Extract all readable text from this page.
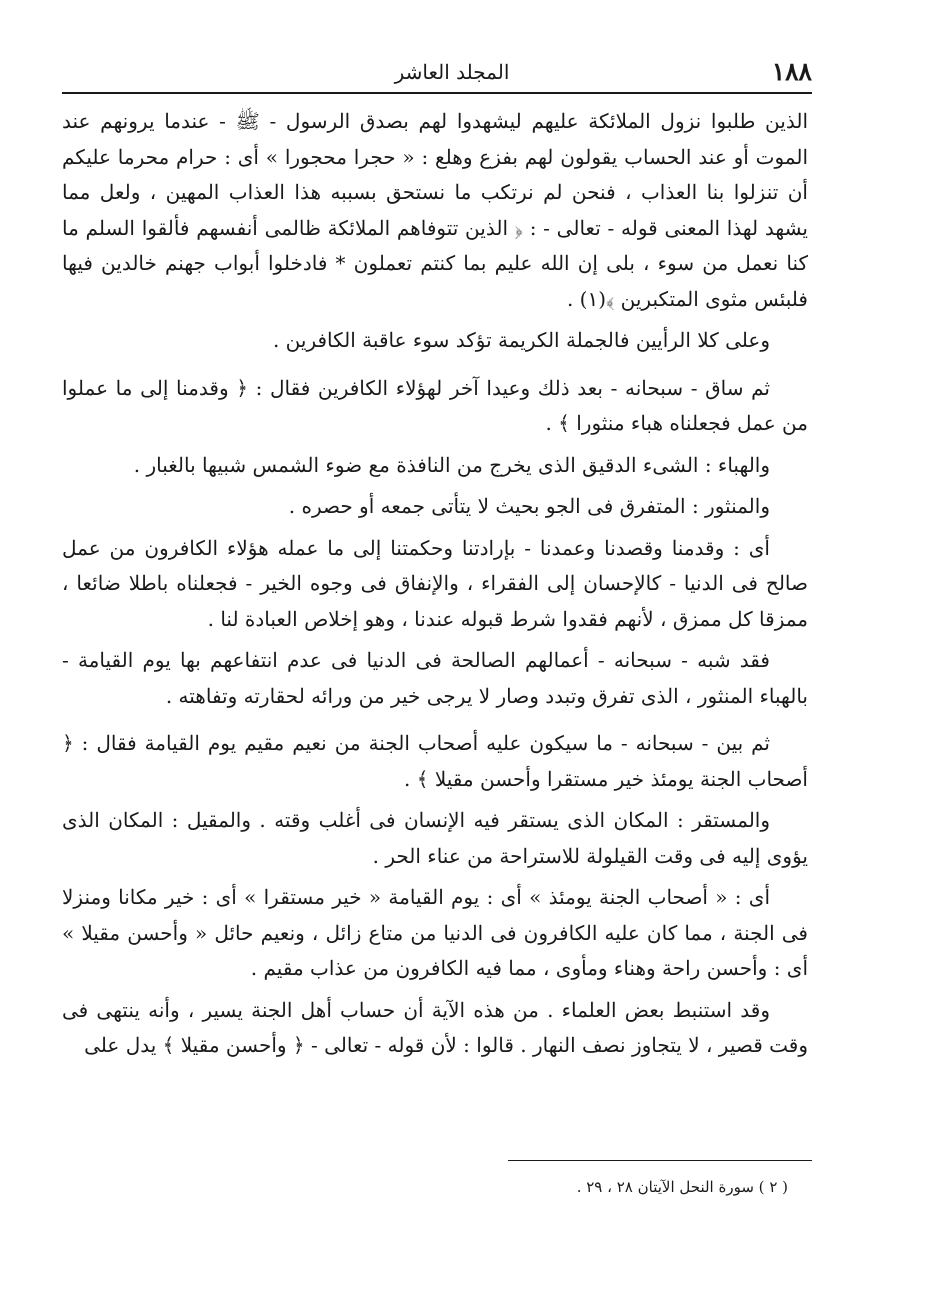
١٨٨
المجلد العاشر

الذين طلبوا نزول الملائكة عليهم ليشهدوا لهم بصدق الرسول - ﷺ - عندما يرونهم عند الموت أو عند الحساب يقولون لهم بفزع وهلع : « حجرا محجورا » أى : حرام محرما عليكم أن تنزلوا بنا العذاب ، فنحن لم نرتكب ما نستحق بسببه هذا العذاب المهين ، ولعل مما يشهد لهذا المعنى قوله - تعالى - : ﴿ الذين تتوفاهم الملائكة ظالمى أنفسهم فألقوا السلم ما كنا نعمل من سوء ، بلى إن الله عليم بما كنتم تعملون * فادخلوا أبواب جهنم خالدين فيها فلبئس مثوى المتكبرين ﴾(١) .

وعلى كلا الرأيين فالجملة الكريمة تؤكد سوء عاقبة الكافرين .

ثم ساق - سبحانه - بعد ذلك وعيدا آخر لهؤلاء الكافرين فقال : ﴿ وقدمنا إلى ما عملوا من عمل فجعلناه هباء منثورا ﴾ .

والهباء : الشىء الدقيق الذى يخرج من النافذة مع ضوء الشمس شبيها بالغبار .

والمنثور : المتفرق فى الجو بحيث لا يتأتى جمعه أو حصره .

أى : وقدمنا وقصدنا وعمدنا - بإرادتنا وحكمتنا إلى ما عمله هؤلاء الكافرون من عمل صالح فى الدنيا - كالإحسان إلى الفقراء ، والإنفاق فى وجوه الخير - فجعلناه باطلا ضائعا ، ممزقا كل ممزق ، لأنهم فقدوا شرط قبوله عندنا ، وهو إخلاص العبادة لنا .

فقد شبه - سبحانه - أعمالهم الصالحة فى الدنيا فى عدم انتفاعهم بها يوم القيامة - بالهباء المنثور ، الذى تفرق وتبدد وصار لا يرجى خير من ورائه لحقارته وتفاهته .

ثم بين - سبحانه - ما سيكون عليه أصحاب الجنة من نعيم مقيم يوم القيامة فقال : ﴿ أصحاب الجنة يومئذ خير مستقرا وأحسن مقيلا ﴾ .

والمستقر : المكان الذى يستقر فيه الإنسان فى أغلب وقته . والمقيل : المكان الذى يؤوى إليه فى وقت القيلولة للاستراحة من عناء الحر .

أى : « أصحاب الجنة يومئذ » أى : يوم القيامة « خير مستقرا » أى : خير مكانا ومنزلا فى الجنة ، مما كان عليه الكافرون فى الدنيا من متاع زائل ، ونعيم حائل « وأحسن مقيلا » أى : وأحسن راحة وهناء ومأوى ، مما فيه الكافرون من عذاب مقيم .

وقد استنبط بعض العلماء . من هذه الآية أن حساب أهل الجنة يسير ، وأنه ينتهى فى وقت قصير ، لا يتجاوز نصف النهار . قالوا : لأن قوله - تعالى - ﴿ وأحسن مقيلا ﴾ يدل على

( ٢ ) سورة النحل الآيتان ٢٨ ، ٢٩ .
